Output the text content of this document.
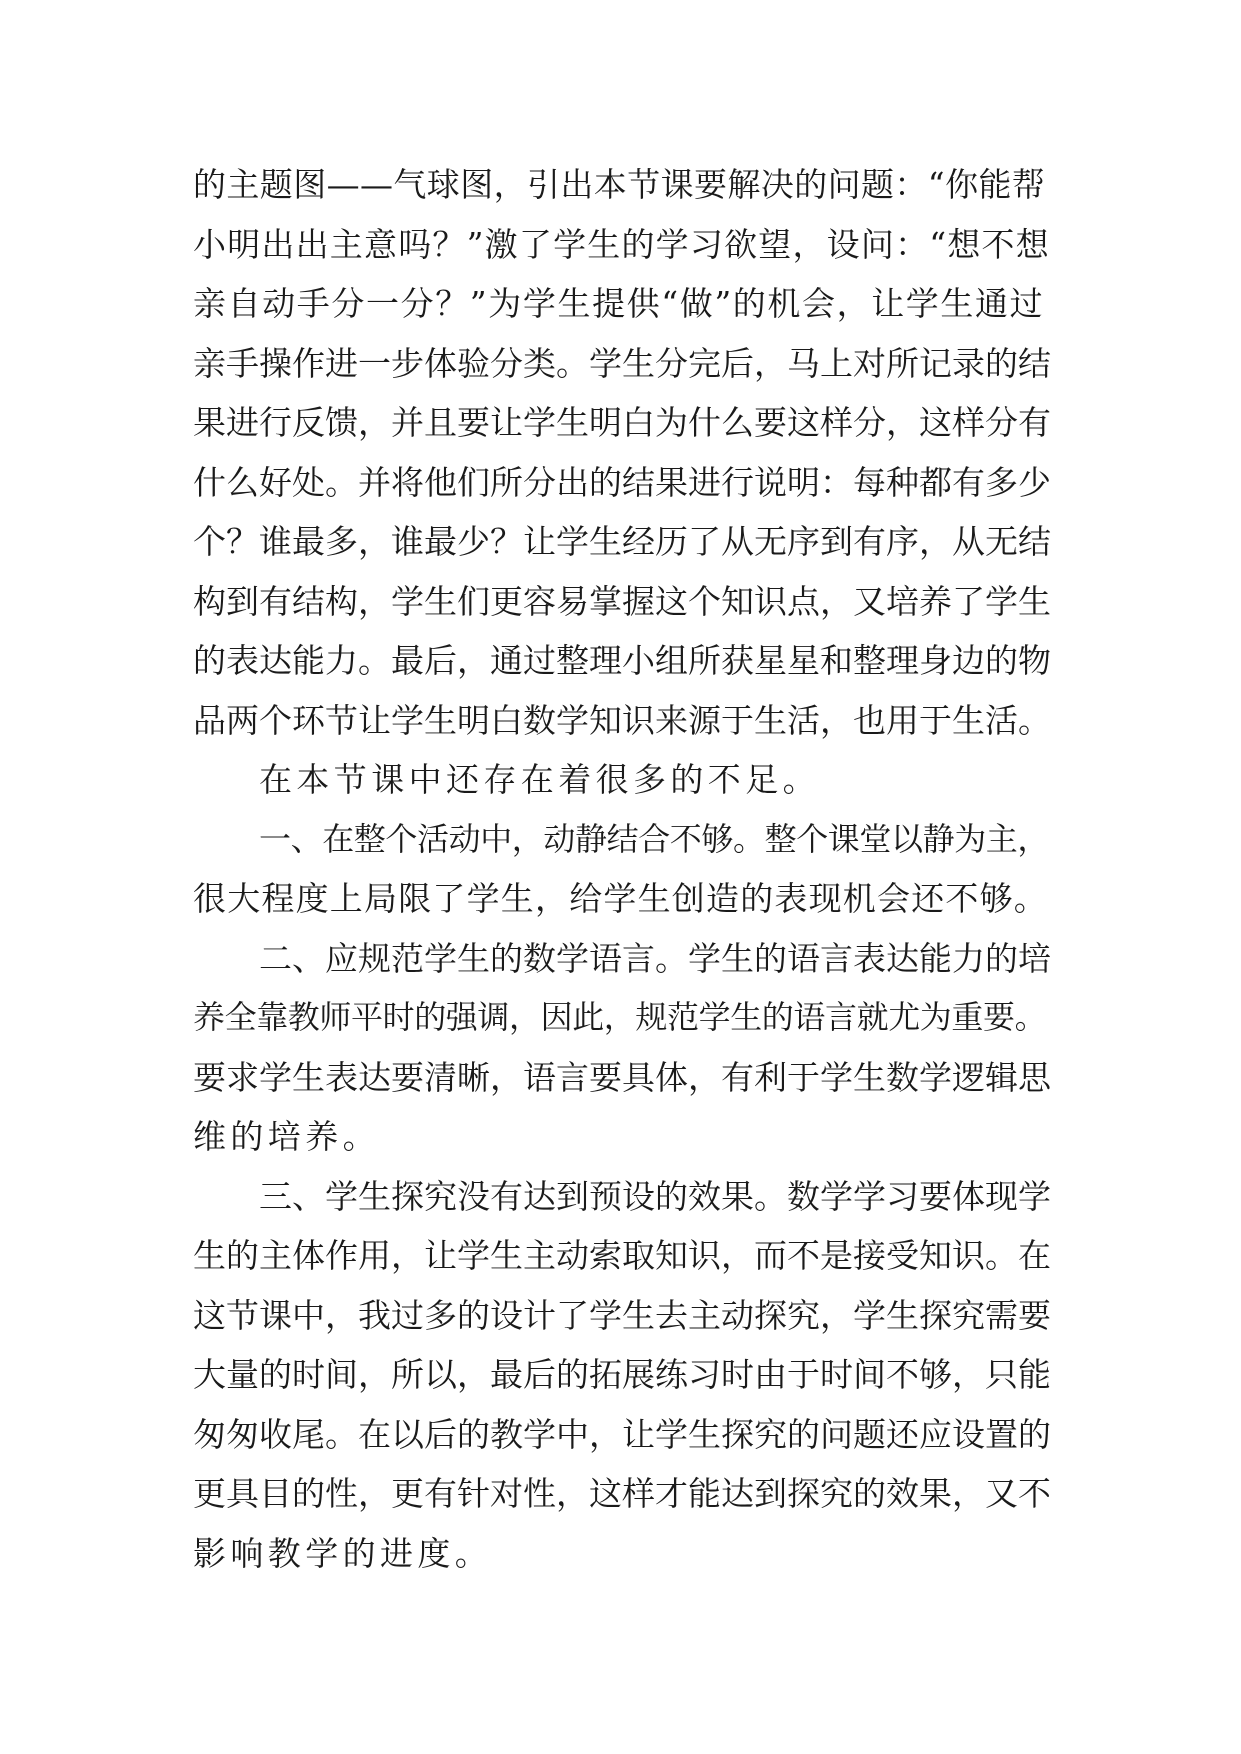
的主题图——气球图，引出本节课要解决的问题：“你能帮
小明出出主意吗？”激了学生的学习欲望，设问：“想不想
亲自动手分一分？”为学生提供“做”的机会，让学生通过
亲手操作进一步体验分类。学生分完后，马上对所记录的结
果进行反馈，并且要让学生明白为什么要这样分，这样分有
什么好处。并将他们所分出的结果进行说明：每种都有多少
个？谁最多，谁最少？让学生经历了从无序到有序，从无结
构到有结构，学生们更容易掌握这个知识点，又培养了学生
的表达能力。最后，通过整理小组所获星星和整理身边的物
品两个环节让学生明白数学知识来源于生活，也用于生活。
在本节课中还存在着很多的不足。
一、在整个活动中，动静结合不够。整个课堂以静为主，
很大程度上局限了学生，给学生创造的表现机会还不够。
二、应规范学生的数学语言。学生的语言表达能力的培
养全靠教师平时的强调，因此，规范学生的语言就尤为重要。
要求学生表达要清晰，语言要具体，有利于学生数学逻辑思
维的培养。
三、学生探究没有达到预设的效果。数学学习要体现学
生的主体作用，让学生主动索取知识，而不是接受知识。在
这节课中，我过多的设计了学生去主动探究，学生探究需要
大量的时间，所以，最后的拓展练习时由于时间不够，只能
匆匆收尾。在以后的教学中，让学生探究的问题还应设置的
更具目的性，更有针对性，这样才能达到探究的效果，又不
影响教学的进度。
